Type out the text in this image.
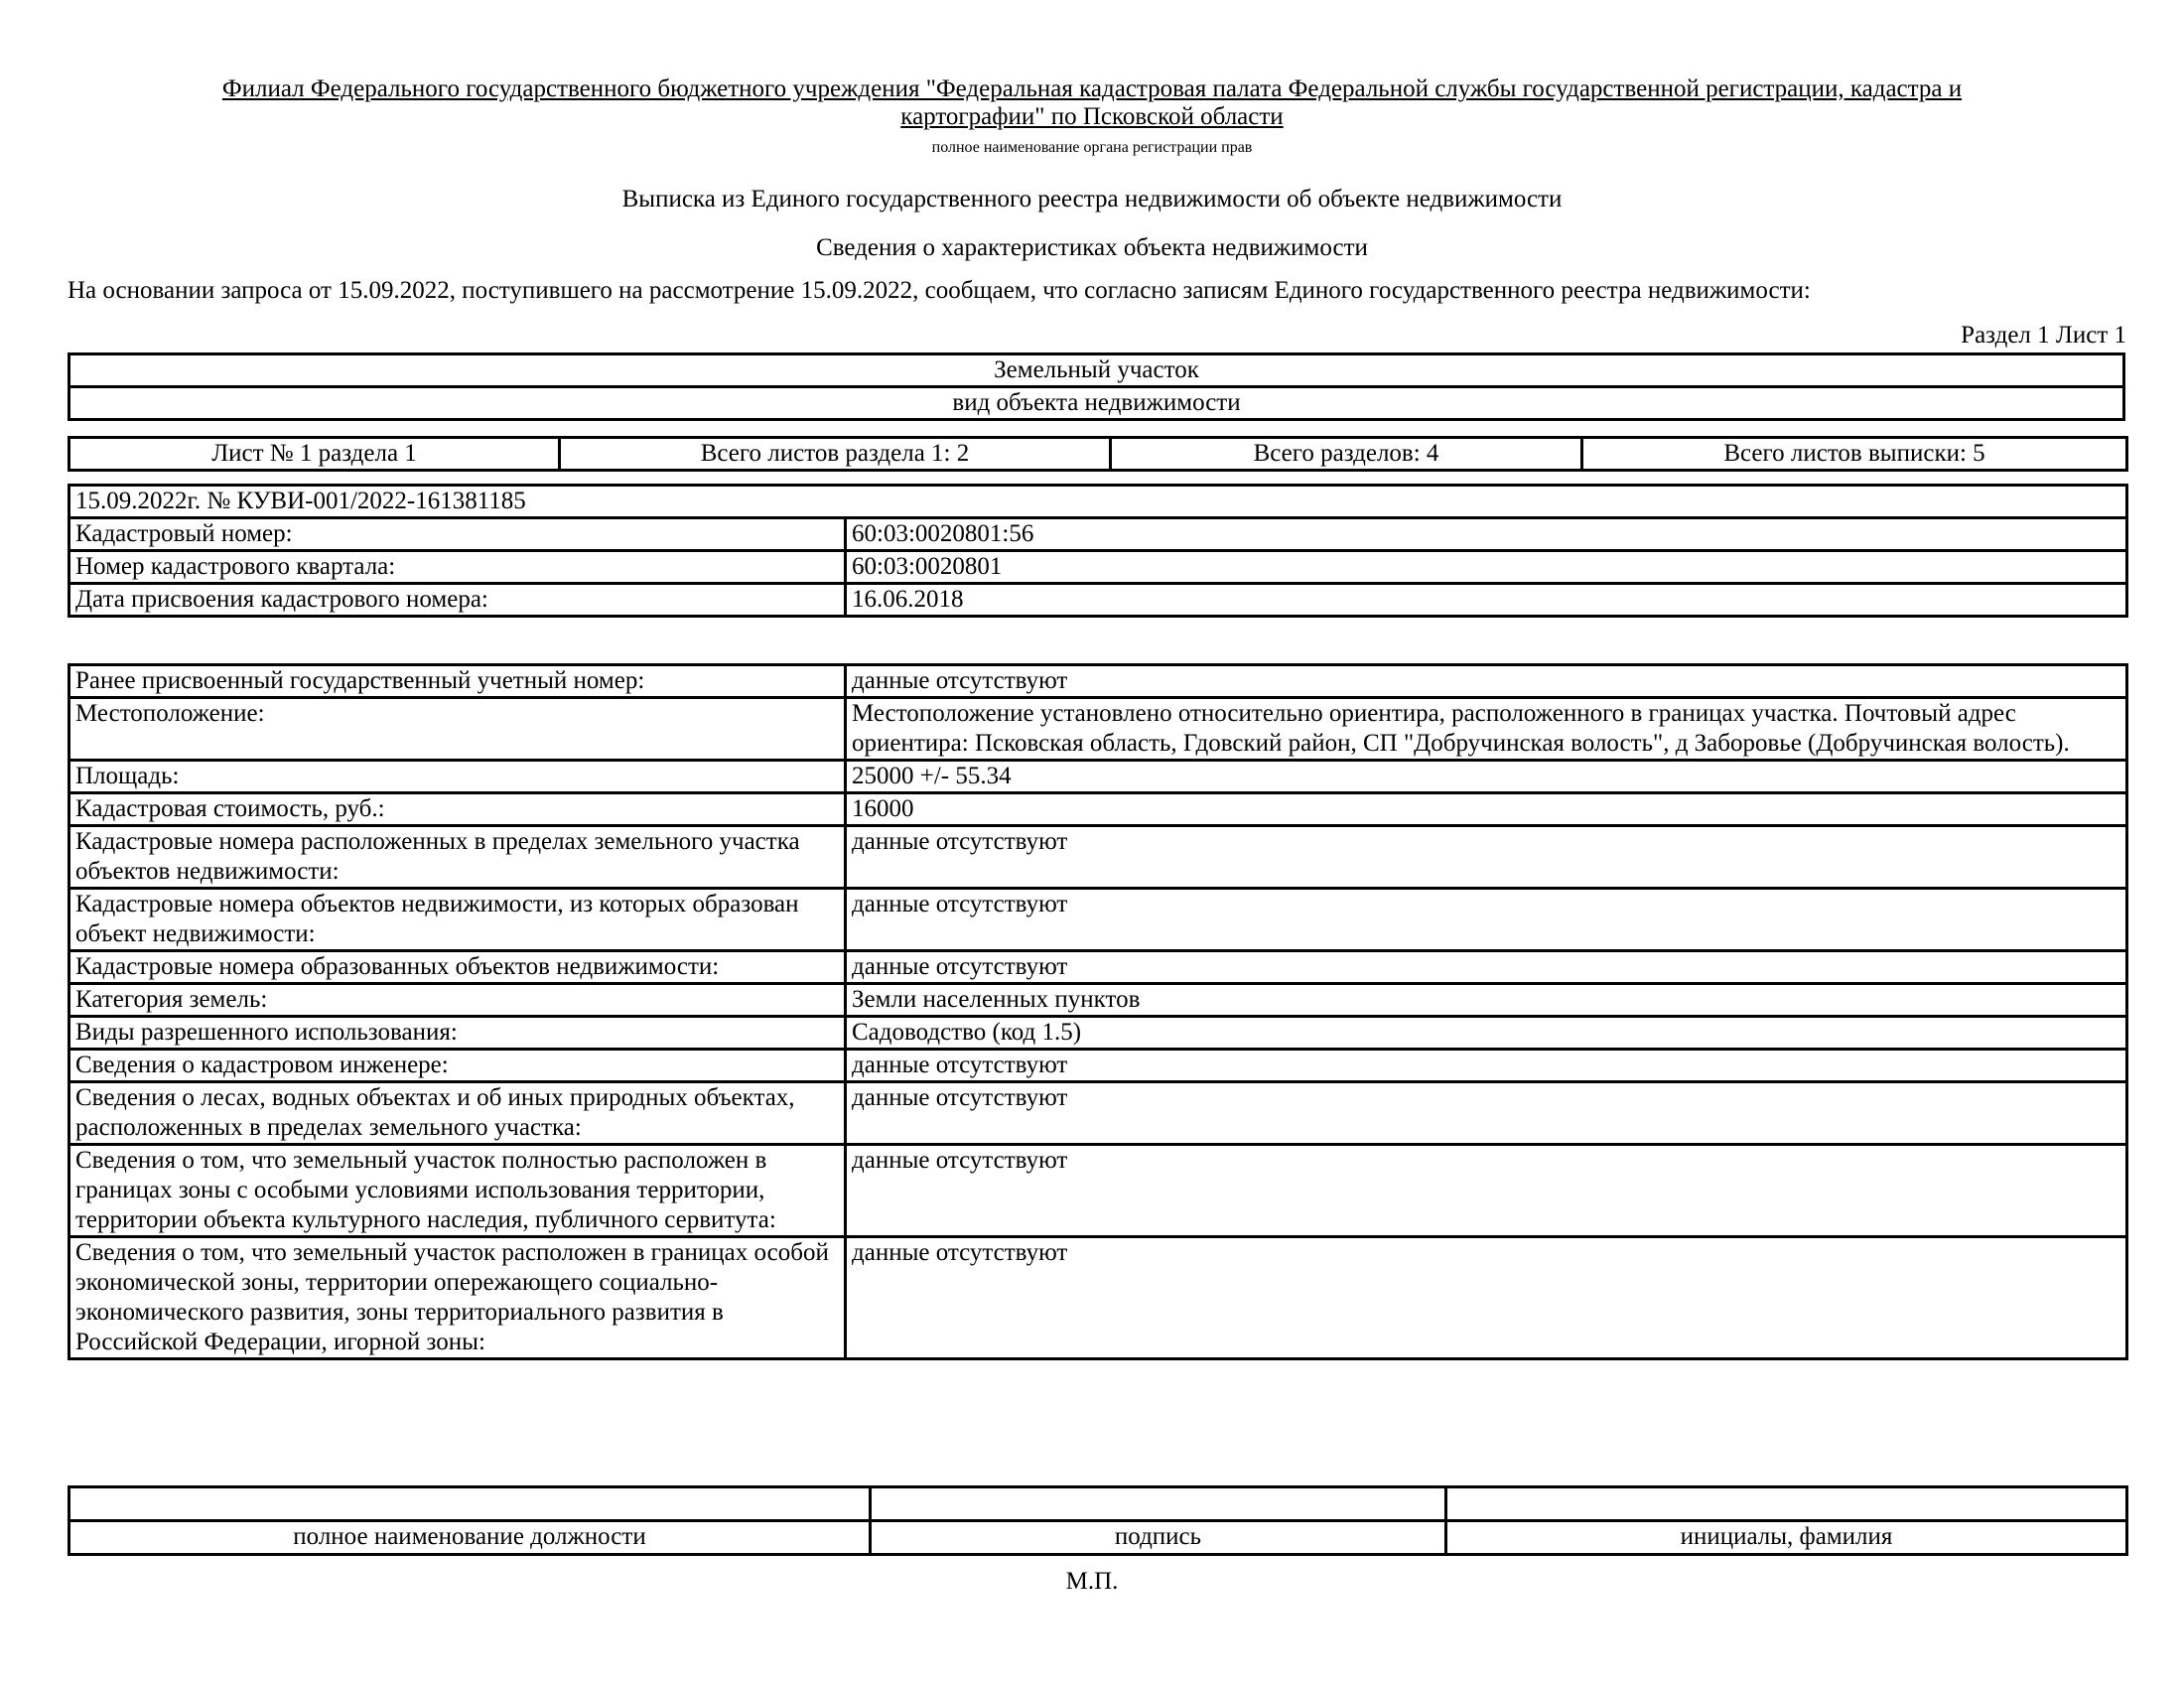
Филиал Федерального государственного бюджетного учреждения "Федеральная кадастровая палата Федеральной службы государственной регистрации, кадастра и
картографии" по Псковской области
полное наименование органа регистрации прав
Выписка из Единого государственного реестра недвижимости об объекте недвижимости
Сведения о характеристиках объекта недвижимости
На основании запроса от 15.09.2022, поступившего на рассмотрение 15.09.2022, сообщаем, что согласно записям Единого государственного реестра недвижимости:
Раздел 1 Лист 1
Земельный участок
вид объекта недвижимости
Лист № 1 раздела 1	Всего листов раздела 1: 2	Всего разделов: 4	Всего листов выписки: 5
15.09.2022г. № КУВИ-001/2022-161381185	
Кадастровый номер:	60:03:0020801:56
Номер кадастрового квартала:	60:03:0020801
Дата присвоения кадастрового номера:	16.06.2018
Ранее присвоенный государственный учетный номер:	данные отсутствуют
Местоположение:	Местоположение установлено относительно ориентира, расположенного в границах участка. Почтовый адрес ориентира: Псковская область, Гдовский район, СП "Добручинская волость", д Заборовье (Добручинская волость).
Площадь:	25000 +/- 55.34
Кадастровая стоимость, руб.:	16000
Кадастровые номера расположенных в пределах земельного участка объектов недвижимости:	данные отсутствуют
Кадастровые номера объектов недвижимости, из которых образован объект недвижимости:	данные отсутствуют
Кадастровые номера образованных объектов недвижимости:	данные отсутствуют
Категория земель:	Земли населенных пунктов
Виды разрешенного использования:	Садоводство (код 1.5)
Сведения о кадастровом инженере:	данные отсутствуют
Сведения о лесах, водных объектах и об иных природных объектах, расположенных в пределах земельного участка:	данные отсутствуют
Сведения о том, что земельный участок полностью расположен в границах зоны с особыми условиями использования территории, территории объекта культурного наследия, публичного сервитута:	данные отсутствуют
Сведения о том, что земельный участок расположен в границах особой экономической зоны, территории опережающего социально-экономического развития, зоны территориального развития в Российской Федерации, игорной зоны:	данные отсутствуют

полное наименование должности	подпись	инициалы, фамилия
М.П.
